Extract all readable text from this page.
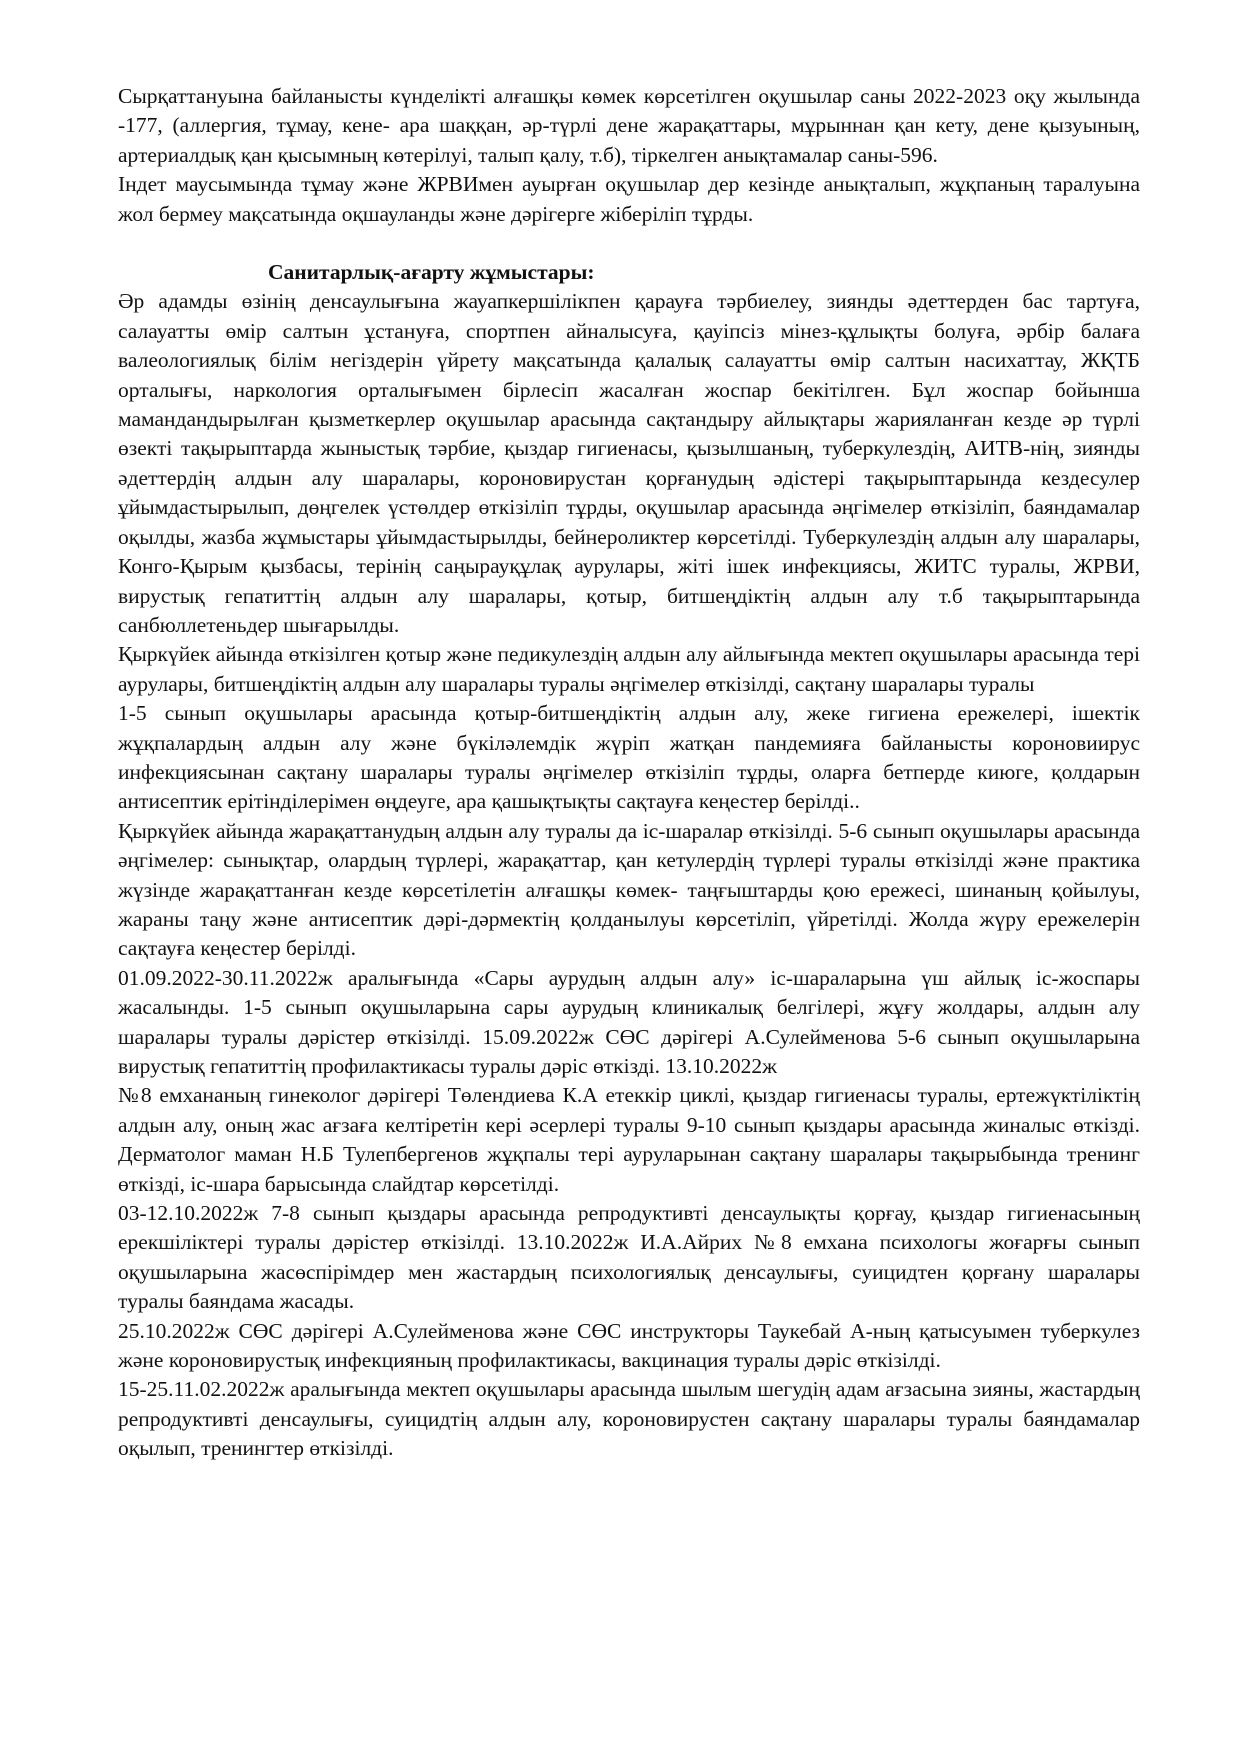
Сырқаттануына байланысты күнделікті алғашқы көмек көрсетілген оқушылар саны 2022-2023 оқу жылында -177, (аллергия, тұмау, кене- ара шаққан, әр-түрлі дене жарақаттары, мұрыннан қан кету, дене қызуының, артериалдық қан қысымның көтерілуі, талып қалу, т.б), тіркелген анықтамалар саны-596.

Індет маусымында тұмау және ЖРВИмен ауырған оқушылар дер кезінде анықталып, жұқпаның таралуына жол бермеу мақсатында оқшауланды және дәрігерге жіберіліп тұрды.

Санитарлық-ағарту жұмыстары:

Әр адамды өзінің денсаулығына жауапкершілікпен қарауға тәрбиелеу, зиянды әдеттерден бас тартуға, салауатты өмір салтын ұстануға, спортпен айналысуға, қауіпсіз мінез-құлықты болуға, әрбір балаға валеологиялық білім негіздерін үйрету мақсатында қалалық салауатты өмір салтын насихаттау, ЖҚТБ орталығы, наркология орталығымен бірлесіп жасалған жоспар бекітілген. Бұл жоспар бойынша мамандандырылған қызметкерлер оқушылар арасында сақтандыру айлықтары жарияланған кезде әр түрлі өзекті тақырыптарда жыныстық тәрбие, қыздар гигиенасы, қызылшаның, туберкулездің, АИТВ-нің, зиянды әдеттердің алдын алу шаралары, короновирустан қорғанудың әдістері тақырыптарында кездесулер ұйымдастырылып, дөңгелек үстөлдер өткізіліп тұрды, оқушылар арасында әңгімелер өткізіліп, баяндамалар оқылды, жазба жұмыстары ұйымдастырылды, бейнероликтер көрсетілді. Туберкулездің алдын алу шаралары, Конго-Қырым қызбасы, терінің саңырауқұлақ аурулары, жіті ішек инфекциясы, ЖИТС туралы, ЖРВИ, вирустық гепатиттің алдын алу шаралары, қотыр, битшеңдіктің алдын алу т.б тақырыптарында санбюллетеньдер шығарылды.

Қыркүйек айында өткізілген қотыр және педикулездің алдын алу айлығында мектеп оқушылары арасында тері аурулары, битшеңдіктің алдын алу шаралары туралы әңгімелер өткізілді, сақтану шаралары туралы

1-5 сынып оқушылары арасында қотыр-битшеңдіктің алдын алу, жеке гигиена ережелері, ішектік жұқпалардың алдын алу және бүкіләлемдік жүріп жатқан пандемияға байланысты короновиирус инфекциясынан сақтану шаралары туралы әңгімелер өткізіліп тұрды, оларға бетперде киюге, қолдарын антисептик ерітінділерімен өңдеуге, ара қашықтықты сақтауға кеңестер берілді..

Қыркүйек айында жарақаттанудың алдын алу туралы да іс-шаралар өткізілді. 5-6 сынып оқушылары арасында әңгімелер: сынықтар, олардың түрлері, жарақаттар, қан кетулердің түрлері туралы өткізілді және практика жүзінде жарақаттанған кезде көрсетілетін алғашқы көмек- таңғыштарды қою ережесі, шинаның қойылуы, жараны таңу және антисептик дәрі-дәрмектің қолданылуы көрсетіліп, үйретілді. Жолда жүру ережелерін сақтауға кеңестер берілді.

01.09.2022-30.11.2022ж аралығында «Сары аурудың алдын алу» іс-шараларына үш айлық іс-жоспары жасалынды. 1-5 сынып оқушыларына сары аурудың клиникалық белгілері, жұғу жолдары, алдын алу шаралары туралы дәрістер өткізілді. 15.09.2022ж СӨС дәрігері А.Сулейменова 5-6 сынып оқушыларына вирустық гепатиттің профилактикасы туралы дәріс өткізді. 13.10.2022ж

№8 емхананың гинеколог дәрігері Төлендиева К.А етеккір циклі, қыздар гигиенасы туралы, ертежүктіліктің алдын алу, оның жас ағзаға келтіретін кері әсерлері туралы 9-10 сынып қыздары арасында жиналыс өткізді. Дерматолог маман Н.Б Тулепбергенов жұқпалы тері ауруларынан сақтану шаралары тақырыбында тренинг өткізді, іс-шара барысында слайдтар көрсетілді.

03-12.10.2022ж 7-8 сынып қыздары арасында репродуктивті денсаулықты қорғау, қыздар гигиенасының ерекшіліктері туралы дәрістер өткізілді. 13.10.2022ж И.А.Айрих №8 емхана психологы жоғарғы сынып оқушыларына жасөспірімдер мен жастардың психологиялық денсаулығы, суицидтен қорғану шаралары туралы баяндама жасады.

25.10.2022ж СӨС дәрігері А.Сулейменова және СӨС инструкторы Таукебай А-ның қатысуымен туберкулез және короновирустық инфекцияның профилактикасы, вакцинация туралы дәріс өткізілді.

15-25.11.02.2022ж аралығында мектеп оқушылары арасында шылым шегудің адам ағзасына зияны, жастардың репродуктивті денсаулығы, суицидтің алдын алу, короновирустен сақтану шаралары туралы баяндамалар оқылып, тренингтер өткізілді.
